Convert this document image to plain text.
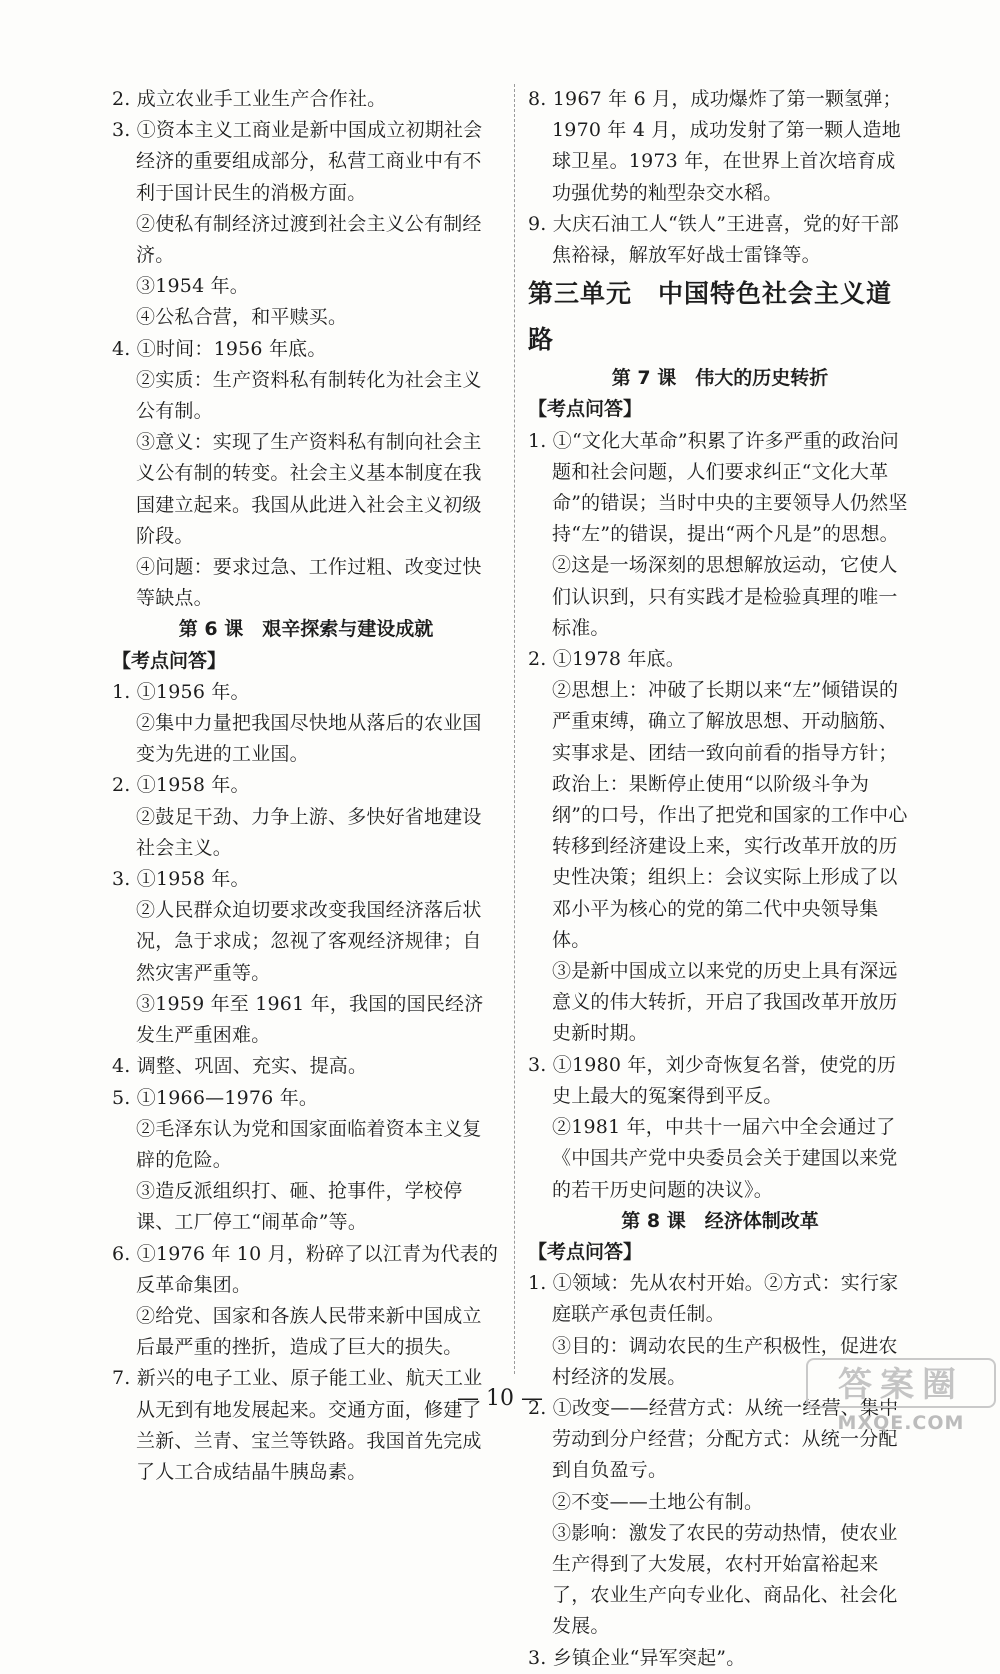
2. 成立农业手工业生产合作社。

3. ①资本主义工商业是新中国成立初期社会经济的重要组成部分，私营工商业中有不利于国计民生的消极方面。

②使私有制经济过渡到社会主义公有制经济。

③1954 年。

④公私合营，和平赎买。

4. ①时间：1956 年底。

②实质：生产资料私有制转化为社会主义公有制。

③意义：实现了生产资料私有制向社会主义公有制的转变。社会主义基本制度在我国建立起来。我国从此进入社会主义初级阶段。

④问题：要求过急、工作过粗、改变过快等缺点。

第 6 课　艰辛探索与建设成就

【考点问答】

1. ①1956 年。

②集中力量把我国尽快地从落后的农业国变为先进的工业国。

2. ①1958 年。

②鼓足干劲、力争上游、多快好省地建设社会主义。

3. ①1958 年。

②人民群众迫切要求改变我国经济落后状况，急于求成；忽视了客观经济规律；自然灾害严重等。

③1959 年至 1961 年，我国的国民经济发生严重困难。

4. 调整、巩固、充实、提高。

5. ①1966—1976 年。

②毛泽东认为党和国家面临着资本主义复辟的危险。

③造反派组织打、砸、抢事件，学校停课、工厂停工“闹革命”等。

6. ①1976 年 10 月，粉碎了以江青为代表的反革命集团。

②给党、国家和各族人民带来新中国成立后最严重的挫折，造成了巨大的损失。

7. 新兴的电子工业、原子能工业、航天工业从无到有地发展起来。交通方面，修建了兰新、兰青、宝兰等铁路。我国首先完成了人工合成结晶牛胰岛素。

8. 1967 年 6 月，成功爆炸了第一颗氢弹；1970 年 4 月，成功发射了第一颗人造地球卫星。1973 年，在世界上首次培育成功强优势的籼型杂交水稻。

9. 大庆石油工人“铁人”王进喜，党的好干部焦裕禄，解放军好战士雷锋等。

第三单元 中国特色社会主义道路

第 7 课　伟大的历史转折

【考点问答】

1. ①“文化大革命”积累了许多严重的政治问题和社会问题，人们要求纠正“文化大革命”的错误；当时中央的主要领导人仍然坚持“左”的错误，提出“两个凡是”的思想。

②这是一场深刻的思想解放运动，它使人们认识到，只有实践才是检验真理的唯一标准。

2. ①1978 年底。

②思想上：冲破了长期以来“左”倾错误的严重束缚，确立了解放思想、开动脑筋、实事求是、团结一致向前看的指导方针；政治上：果断停止使用“以阶级斗争为纲”的口号，作出了把党和国家的工作中心转移到经济建设上来，实行改革开放的历史性决策；组织上：会议实际上形成了以邓小平为核心的党的第二代中央领导集体。

③是新中国成立以来党的历史上具有深远意义的伟大转折，开启了我国改革开放历史新时期。

3. ①1980 年，刘少奇恢复名誉，使党的历史上最大的冤案得到平反。

②1981 年，中共十一届六中全会通过了《中国共产党中央委员会关于建国以来党的若干历史问题的决议》。

第 8 课　经济体制改革

【考点问答】

1. ①领域：先从农村开始。②方式：实行家庭联产承包责任制。

③目的：调动农民的生产积极性，促进农村经济的发展。

2. ①改变——经营方式：从统一经营、集中劳动到分户经营；分配方式：从统一分配到自负盈亏。

②不变——土地公有制。

③影响：激发了农民的劳动热情，使农业生产得到了大发展，农村开始富裕起来了，农业生产向专业化、商品化、社会化发展。

3. 乡镇企业“异军突起”。

— 10 —	答案圈
MXQE.COM
